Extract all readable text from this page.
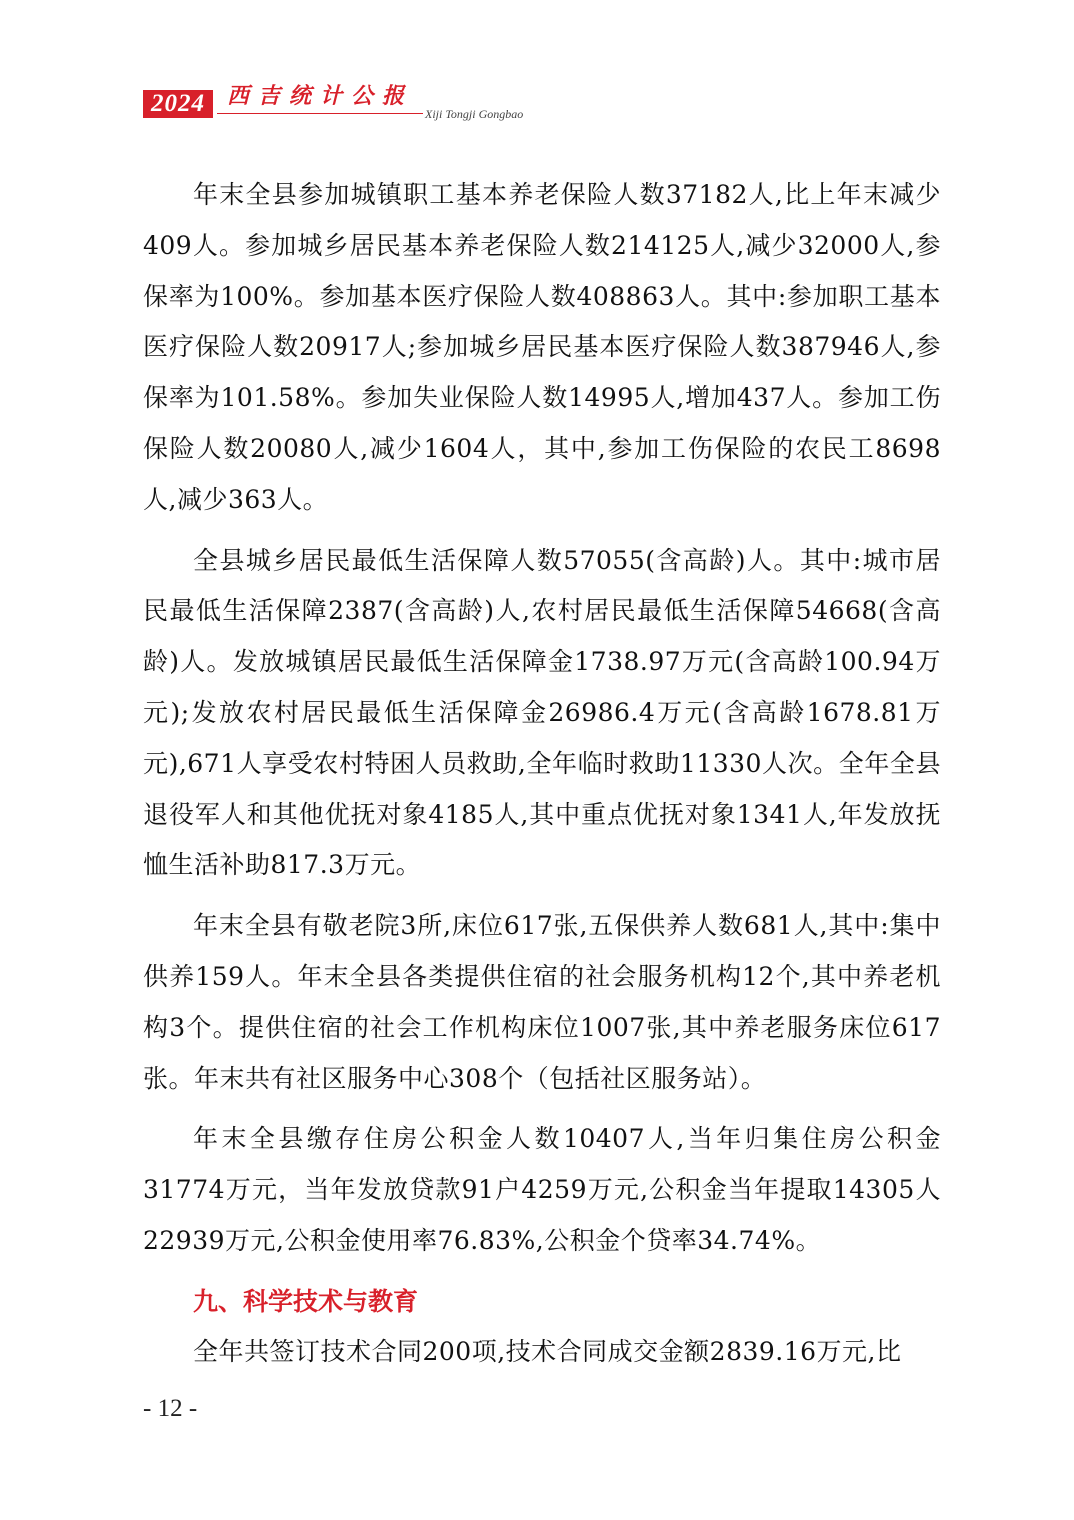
2024	西吉统计公报
Xiji Tongji Gongbao

年末全县参加城镇职工基本养老保险人数37182人,比上年末减少409人。参加城乡居民基本养老保险人数214125人,减少32000人,参保率为100%。参加基本医疗保险人数408863人。其中:参加职工基本医疗保险人数20917人;参加城乡居民基本医疗保险人数387946人,参保率为101.58%。参加失业保险人数14995人,增加437人。参加工伤保险人数20080人,减少1604人，其中,参加工伤保险的农民工8698人,减少363人。

全县城乡居民最低生活保障人数57055(含高龄)人。其中:城市居民最低生活保障2387(含高龄)人,农村居民最低生活保障54668(含高龄)人。发放城镇居民最低生活保障金1738.97万元(含高龄100.94万元);发放农村居民最低生活保障金26986.4万元(含高龄1678.81万元),671人享受农村特困人员救助,全年临时救助11330人次。全年全县退役军人和其他优抚对象4185人,其中重点优抚对象1341人,年发放抚恤生活补助817.3万元。

年末全县有敬老院3所,床位617张,五保供养人数681人,其中:集中供养159人。年末全县各类提供住宿的社会服务机构12个,其中养老机构3个。提供住宿的社会工作机构床位1007张,其中养老服务床位617张。年末共有社区服务中心308个（包括社区服务站）。

年末全县缴存住房公积金人数10407人,当年归集住房公积金31774万元，当年发放贷款91户4259万元,公积金当年提取14305人22939万元,公积金使用率76.83%,公积金个贷率34.74%。

九、科学技术与教育

全年共签订技术合同200项,技术合同成交金额2839.16万元,比

- 12 -
